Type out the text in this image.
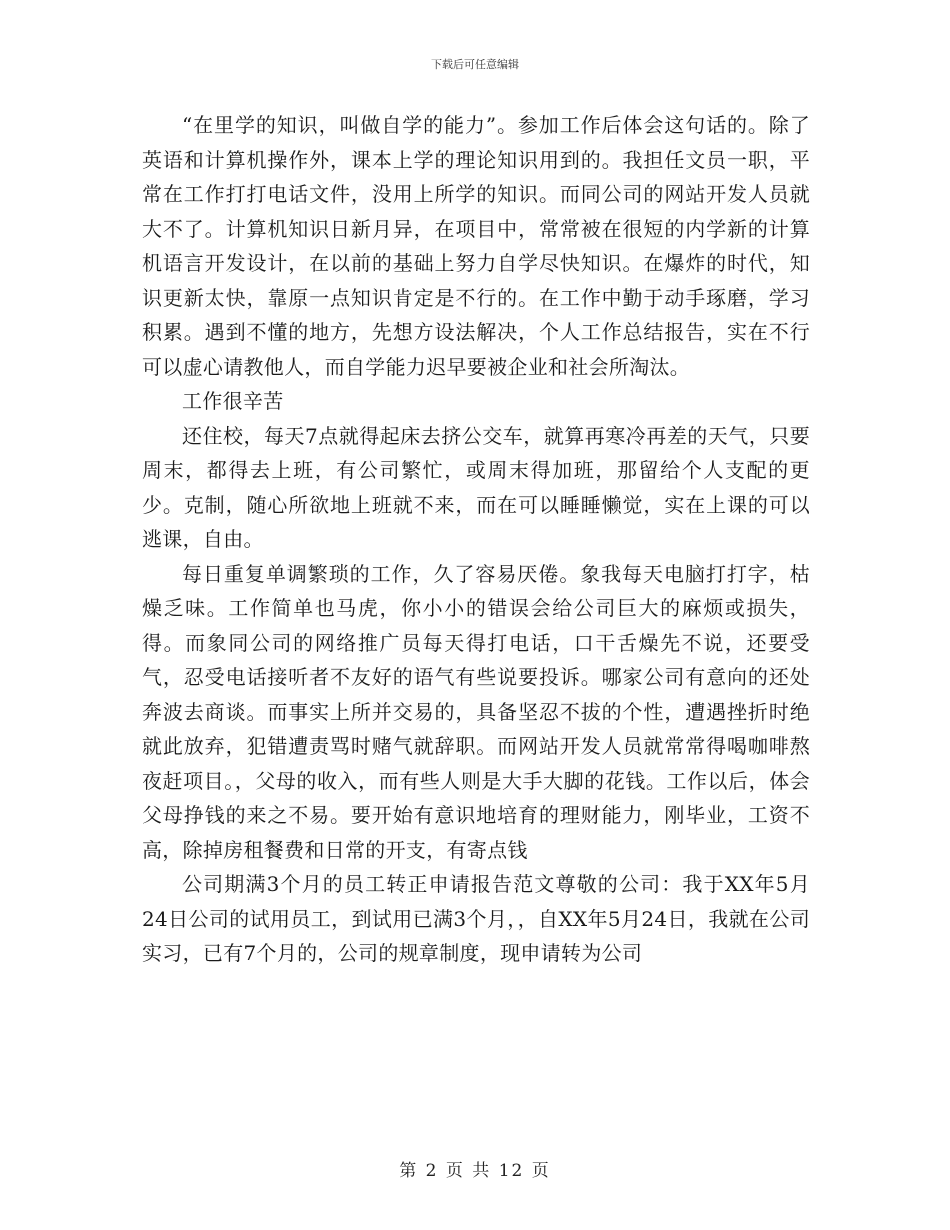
下载后可任意编辑

“在里学的知识，叫做自学的能力”。参加工作后体会这句话的。除了英语和计算机操作外，课本上学的理论知识用到的。我担任文员一职，平常在工作打打电话文件，没用上所学的知识。而同公司的网站开发人员就大不了。计算机知识日新月异，在项目中，常常被在很短的内学新的计算机语言开发设计，在以前的基础上努力自学尽快知识。在爆炸的时代，知识更新太快，靠原一点知识肯定是不行的。在工作中勤于动手琢磨，学习积累。遇到不懂的地方，先想方设法解决，个人工作总结报告，实在不行可以虚心请教他人，而自学能力迟早要被企业和社会所淘汰。

工作很辛苦

还住校，每天7点就得起床去挤公交车，就算再寒冷再差的天气，只要周末，都得去上班，有公司繁忙，或周末得加班，那留给个人支配的更少。克制，随心所欲地上班就不来，而在可以睡睡懒觉，实在上课的可以逃课，自由。

每日重复单调繁琐的工作，久了容易厌倦。象我每天电脑打打字，枯燥乏味。工作简单也马虎，你小小的错误会给公司巨大的麻烦或损失，得。而象同公司的网络推广员每天得打电话，口干舌燥先不说，还要受气，忍受电话接听者不友好的语气有些说要投诉。哪家公司有意向的还处奔波去商谈。而事实上所并交易的，具备坚忍不拔的个性，遭遇挫折时绝就此放弃，犯错遭责骂时赌气就辞职。而网站开发人员就常常得喝咖啡熬夜赶项目。，父母的收入，而有些人则是大手大脚的花钱。工作以后，体会父母挣钱的来之不易。要开始有意识地培育的理财能力，刚毕业，工资不高，除掉房租餐费和日常的开支，有寄点钱

公司期满3个月的员工转正申请报告范文尊敬的公司：我于XX年5月24日公司的试用员工，到试用已满3个月，，自XX年5月24日，我就在公司实习，已有7个月的，公司的规章制度，现申请转为公司

第 2 页 共 12 页
